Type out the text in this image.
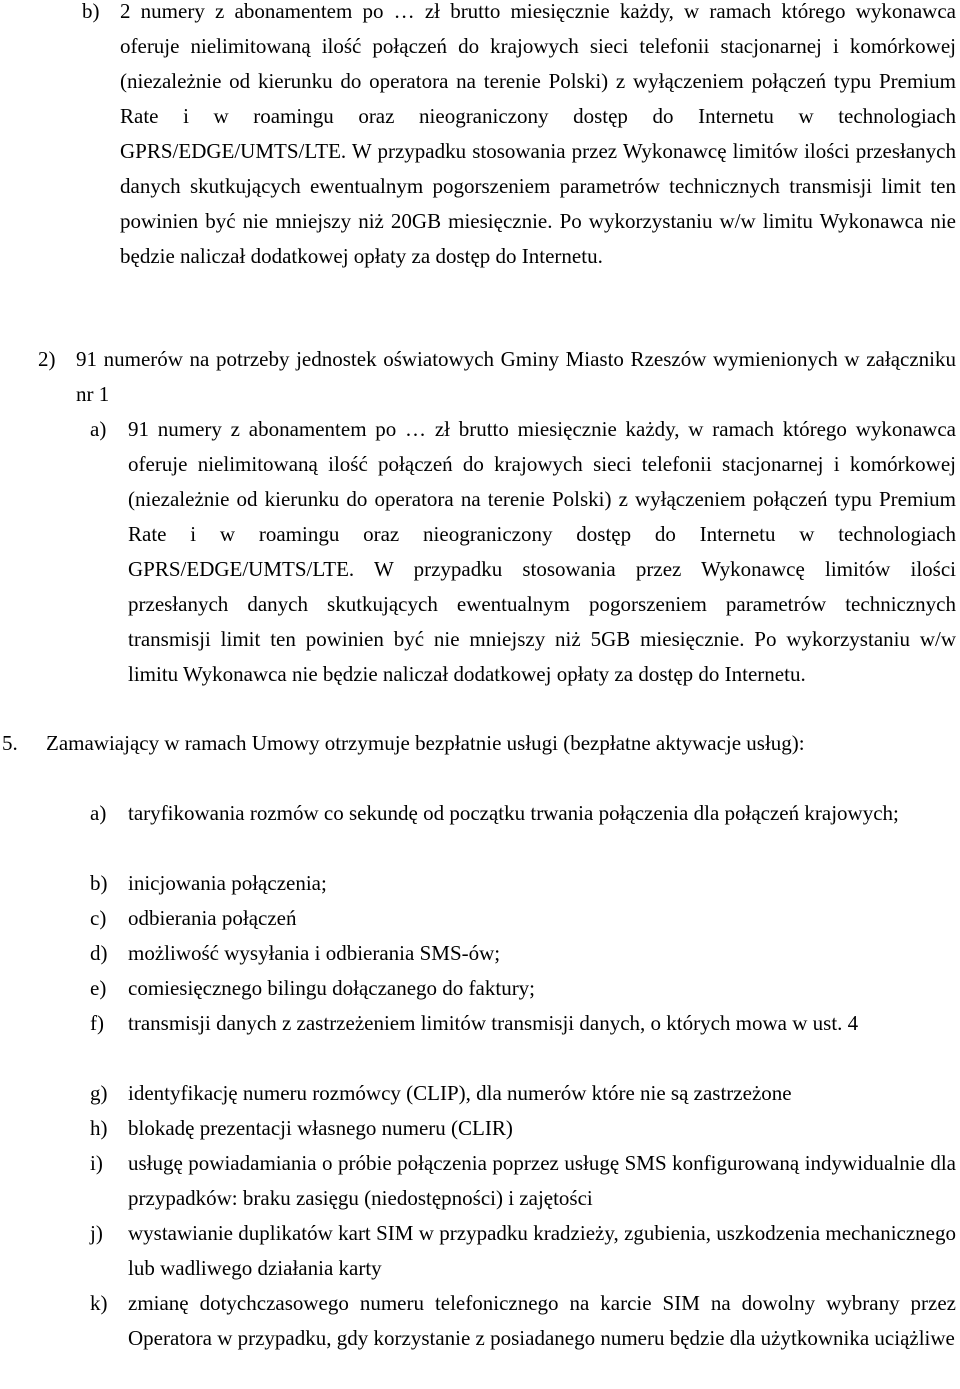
b) 2 numery z abonamentem po … zł brutto miesięcznie każdy, w ramach którego wykonawca oferuje nielimitowaną ilość połączeń do krajowych sieci telefonii stacjonarnej i komórkowej (niezależnie od kierunku do operatora na terenie Polski) z wyłączeniem połączeń typu Premium Rate i w roamingu oraz nieograniczony dostęp do Internetu w technologiach GPRS/EDGE/UMTS/LTE. W przypadku stosowania przez Wykonawcę limitów ilości przesłanych danych skutkujących ewentualnym pogorszeniem parametrów technicznych transmisji limit ten powinien być nie mniejszy niż 20GB miesięcznie. Po wykorzystaniu w/w limitu Wykonawca nie będzie naliczał dodatkowej opłaty za dostęp do Internetu.
2) 91 numerów na potrzeby jednostek oświatowych Gminy Miasto Rzeszów wymienionych w załączniku nr 1
a) 91 numery z abonamentem po … zł brutto miesięcznie każdy, w ramach którego wykonawca oferuje nielimitowaną ilość połączeń do krajowych sieci telefonii stacjonarnej i komórkowej (niezależnie od kierunku do operatora na terenie Polski) z wyłączeniem połączeń typu Premium Rate i w roamingu oraz nieograniczony dostęp do Internetu w technologiach GPRS/EDGE/UMTS/LTE. W przypadku stosowania przez Wykonawcę limitów ilości przesłanych danych skutkujących ewentualnym pogorszeniem parametrów technicznych transmisji limit ten powinien być nie mniejszy niż 5GB miesięcznie. Po wykorzystaniu w/w limitu Wykonawca nie będzie naliczał dodatkowej opłaty za dostęp do Internetu.
5. Zamawiający w ramach Umowy otrzymuje bezpłatnie usługi (bezpłatne aktywacje usług):
a) taryfikowania rozmów co sekundę od początku trwania połączenia dla połączeń krajowych;
b) inicjowania połączenia;
c) odbierania połączeń
d) możliwość wysyłania i odbierania SMS-ów;
e) comiesięcznego bilingu dołączanego do faktury;
f) transmisji danych z zastrzeżeniem limitów transmisji danych, o których mowa w ust. 4
g) identyfikację numeru rozmówcy (CLIP), dla numerów które nie są zastrzeżone
h) blokadę prezentacji własnego numeru (CLIR)
i) usługę powiadamiania o próbie połączenia poprzez usługę SMS konfigurowaną indywidualnie dla przypadków: braku zasięgu (niedostępności) i zajętości
j) wystawianie duplikatów kart SIM w przypadku kradzieży, zgubienia, uszkodzenia mechanicznego lub wadliwego działania karty
k) zmianę dotychczasowego numeru telefonicznego na karcie SIM na dowolny wybrany przez Operatora w przypadku, gdy korzystanie z posiadanego numeru będzie dla użytkownika uciążliwe
